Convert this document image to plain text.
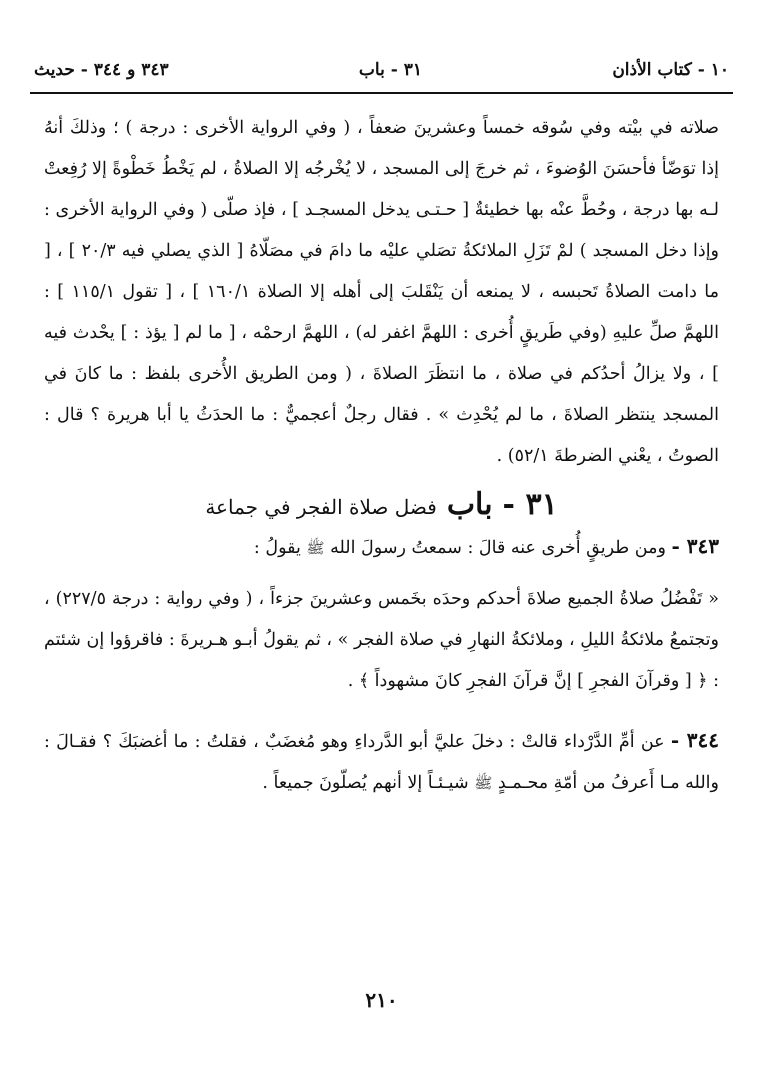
١٠ - كتاب الأذان
٣١ - باب
٣٤٣ و ٣٤٤ - حديث

صلاته في بيْته وفي سُوقه خمساً وعشرينَ ضعفاً ، ( وفي الرواية الأخرى : درجة ) ؛ وذلكَ أنهُ إذا توَضّأ فأحسَنَ الوُضوءَ ، ثم خرجَ إلى المسجد ، لا يُخْرجُه إلا الصلاةُ ، لم يَخْطُ خَطْوةً إلا رُفِعتْ لـه بها درجة ، وحُطَّ عنْه بها خطيئةٌ [ حـتـى يدخل المسجـد ] ، فإذ صلّى ( وفي الرواية الأخرى : وإذا دخل المسجد ) لمْ تَزَلِ الملائكةُ تصَلي عليْه ما دامَ في مصَلّاهُ [ الذي يصلي فيه ٢٠/٣ ] ، [ ما دامت الصلاةُ تَحبسه ، لا يمنعه أن يَنْقَلبَ إلى أهله إلا الصلاة ١٦٠/١ ] ، [ تقول ١١٥/١ ] : اللهمَّ صلِّ عليهِ (وفي طَريقٍ أُخرى : اللهمَّ اغفر له) ، اللهمَّ ارحمْه ، [ ما لم [ يؤذ : ] يحْدث فيه ] ، ولا يزالُ أحدُكم في صلاة ، ما انتظَرَ الصلاةَ ، ( ومن الطريق الأُخرى بلفظ : ما كانَ في المسجد ينتظر الصلاةَ ، ما لم يُحْدِث » . فقال رجلٌ أعجميٌّ : ما الحدَثُ يا أبا هريرة ؟ قال : الصوتُ ، يعْني الضرطةَ ٥٢/١) .

٣١ -
باب
فضل صلاة الفجر في جماعة

٣٤٣ - ومن طريقٍ أُخرى عنه قالَ : سمعتُ رسولَ الله ﷺ يقولُ :

« تَفْضُلُ صلاةُ الجميع صلاةَ أحدكم وحدَه بخَمس وعشرينَ جزءاً ، ( وفي رواية : درجة ٢٢٧/٥) ، وتجتمعُ ملائكةُ الليلِ ، وملائكةُ النهارِ في صلاة الفجر » ، ثم يقولُ أبـو هـريرةَ : فاقرؤوا إن شئتم : ﴿ [ وقرآنَ الفجرِ ] إنَّ قرآنَ الفجرِ كانَ مشهوداً ﴾ .

٣٤٤ - عن أمِّ الدَّرْداء قالتْ : دخلَ عليَّ أبو الدَّرداءِ وهو مُغضَبٌ ، فقلتُ : ما أغضبَكَ ؟ فقـالَ : والله مـا أَعرفُ من أمّةِ محـمـدٍ ﷺ شيـئـاً إلا أنهم يُصلّونَ جميعاً .

٢١٠
